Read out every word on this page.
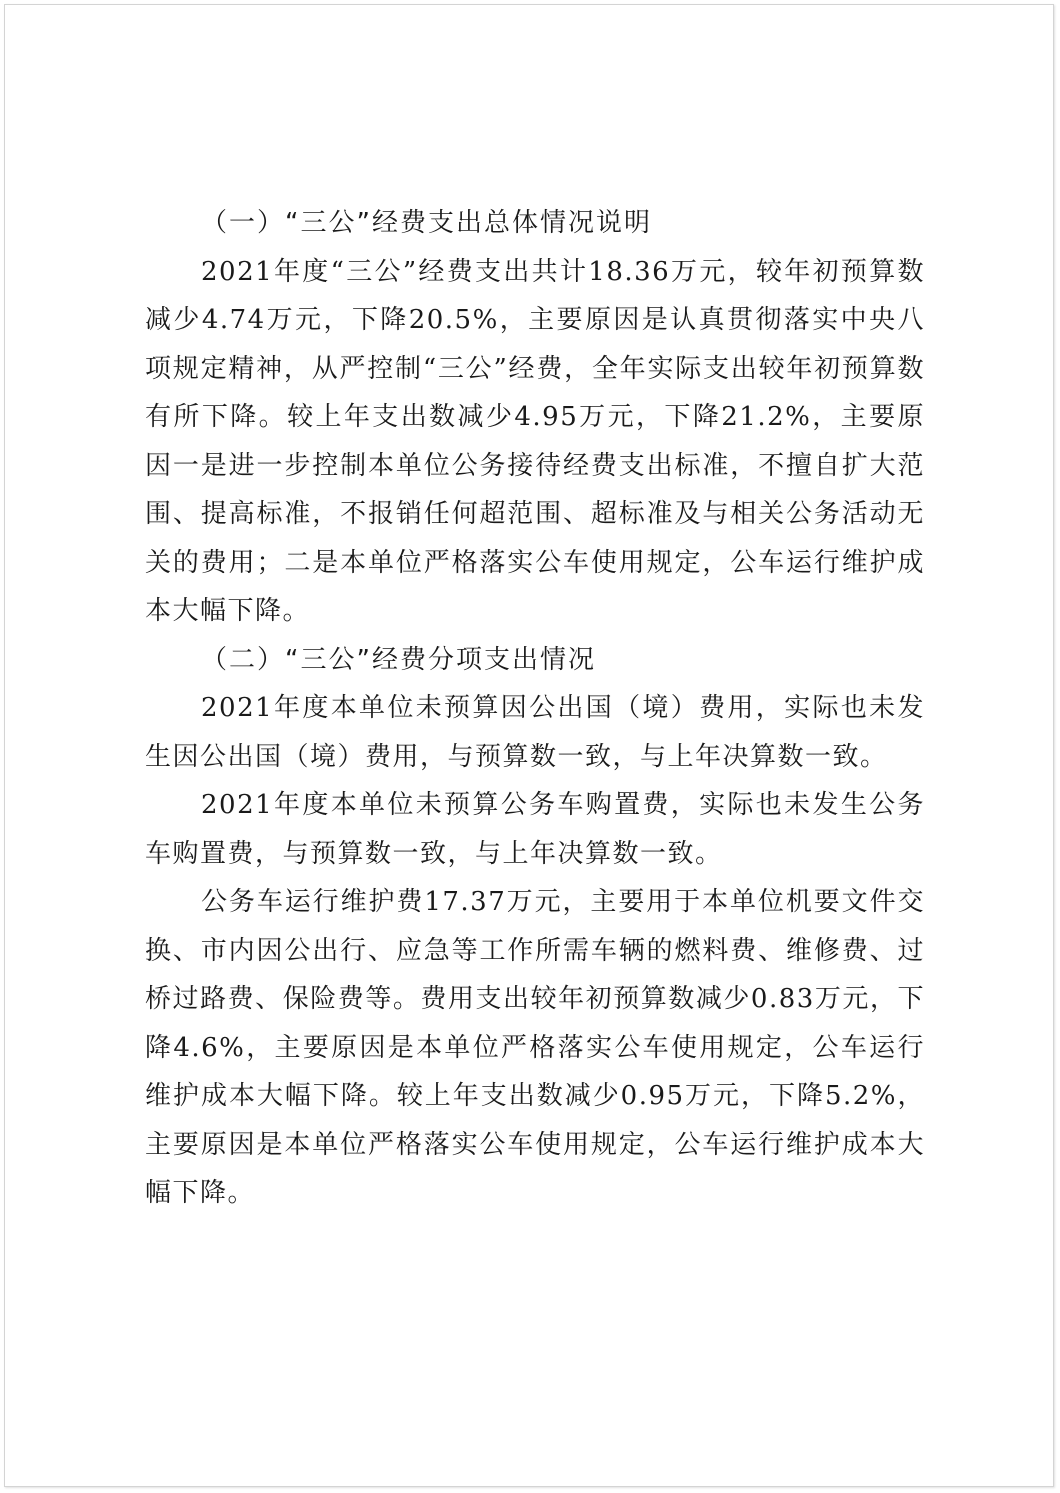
（一）“三公”经费支出总体情况说明

2021年度“三公”经费支出共计18.36万元，较年初预算数减少4.74万元，下降20.5%，主要原因是认真贯彻落实中央八项规定精神，从严控制“三公”经费，全年实际支出较年初预算数有所下降。较上年支出数减少4.95万元，下降21.2%，主要原因一是进一步控制本单位公务接待经费支出标准，不擅自扩大范围、提高标准，不报销任何超范围、超标准及与相关公务活动无关的费用；二是本单位严格落实公车使用规定，公车运行维护成本大幅下降。

（二）“三公”经费分项支出情况

2021年度本单位未预算因公出国（境）费用，实际也未发生因公出国（境）费用，与预算数一致，与上年决算数一致。

2021年度本单位未预算公务车购置费，实际也未发生公务车购置费，与预算数一致，与上年决算数一致。

公务车运行维护费17.37万元，主要用于本单位机要文件交换、市内因公出行、应急等工作所需车辆的燃料费、维修费、过桥过路费、保险费等。费用支出较年初预算数减少0.83万元，下降4.6%，主要原因是本单位严格落实公车使用规定，公车运行维护成本大幅下降。较上年支出数减少0.95万元，下降5.2%，主要原因是本单位严格落实公车使用规定，公车运行维护成本大幅下降。
